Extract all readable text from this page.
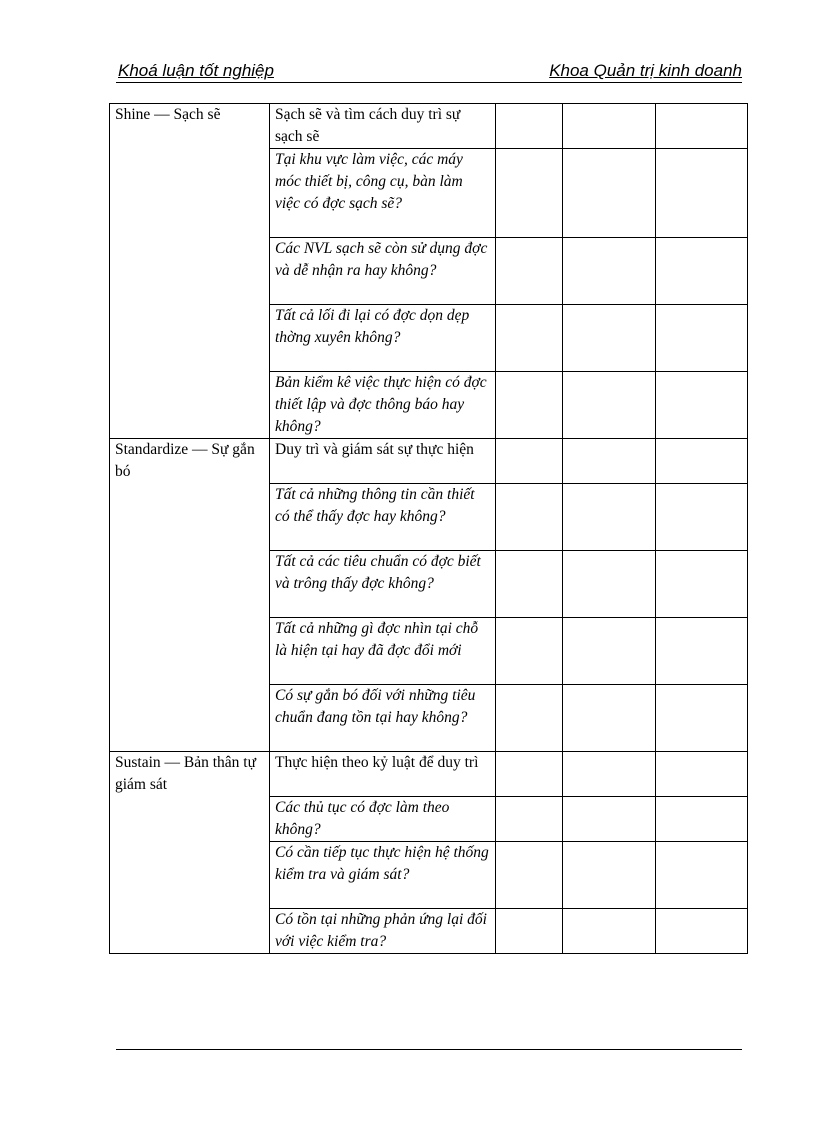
Khoá luận tốt nghiệp	Khoa Quản trị kinh doanh
Shine — Sạch sẽ	Sạch sẽ và tìm cách duy trì sự sạch sẽ			
	Tại khu vực làm việc, các máy móc thiết bị, công cụ, bàn làm việc có đợc sạch sẽ?			
	Các NVL sạch sẽ còn sử dụng đợc và dễ nhận ra hay không?			
	Tất cả lối đi lại có đợc dọn dẹp thờng xuyên không?			
	Bản kiểm kê việc thực hiện có đợc thiết lập và đợc thông báo hay không?			
Standardize — Sự gắn bó	Duy trì và giám sát sự thực hiện			
	Tất cả những thông tin cần thiết có thể thấy đợc hay không?			
	Tất cả các tiêu chuẩn có đợc biết và trông thấy đợc không?			
	Tất cả những gì đợc nhìn tại chỗ là hiện tại hay đã đợc đổi mới			
	Có sự gắn bó đối với những tiêu chuẩn đang tồn tại hay không?			
Sustain — Bản thân tự giám sát	Thực hiện theo kỷ luật để duy trì			
	Các thủ tục có đợc làm theo không?			
	Có cần tiếp tục thực hiện hệ thống kiểm tra và giám sát?			
	Có tồn tại những phản ứng lại đối với việc kiểm tra?			
